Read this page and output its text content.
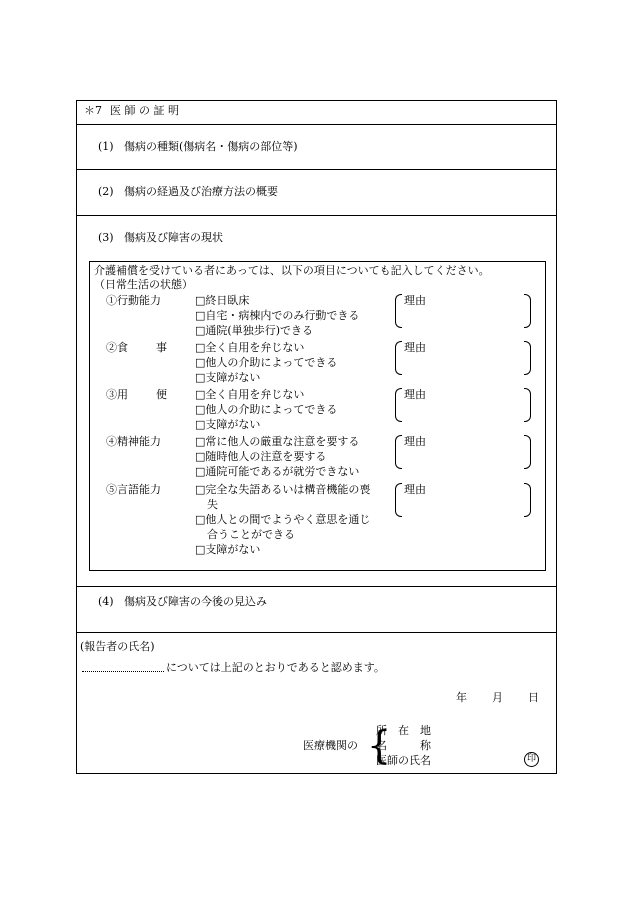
＊7 医 師 の 証 明
(1) 傷病の種類(傷病名・傷病の部位等)
(2) 傷病の経過及び治療方法の概要
(3) 傷病及び障害の現状
(4) 傷病及び障害の今後の見込み
介護補償を受けている者にあっては、以下の項目についても記入してください。
（日常生活の状態）
①行動能力	□ 終日臥床
□ 自宅・病棟内でのみ行動できる
□ 通院(単独歩行)できる
理由
②食	事	□ 全く自用を弁じない
□ 他人の介助によってできる
□ 支障がない
理由
③用	便	□ 全く自用を弁じない
□ 他人の介助によってできる
□ 支障がない
理由
④精神能力	□ 常に他人の厳重な注意を要する
□ 随時他人の注意を要する
□ 通院可能であるが就労できない
理由
⑤言語能力	□ 完全な失語あるいは構音機能の喪
失
□ 他人との間でようやく意思を通じ
合うことができる
□ 支障がない
理由
(報告者の氏名)
については上記のとおりであると認めます。
年 月 日
医療機関の {
所　在　地
名　　　称
医師の氏名	印
